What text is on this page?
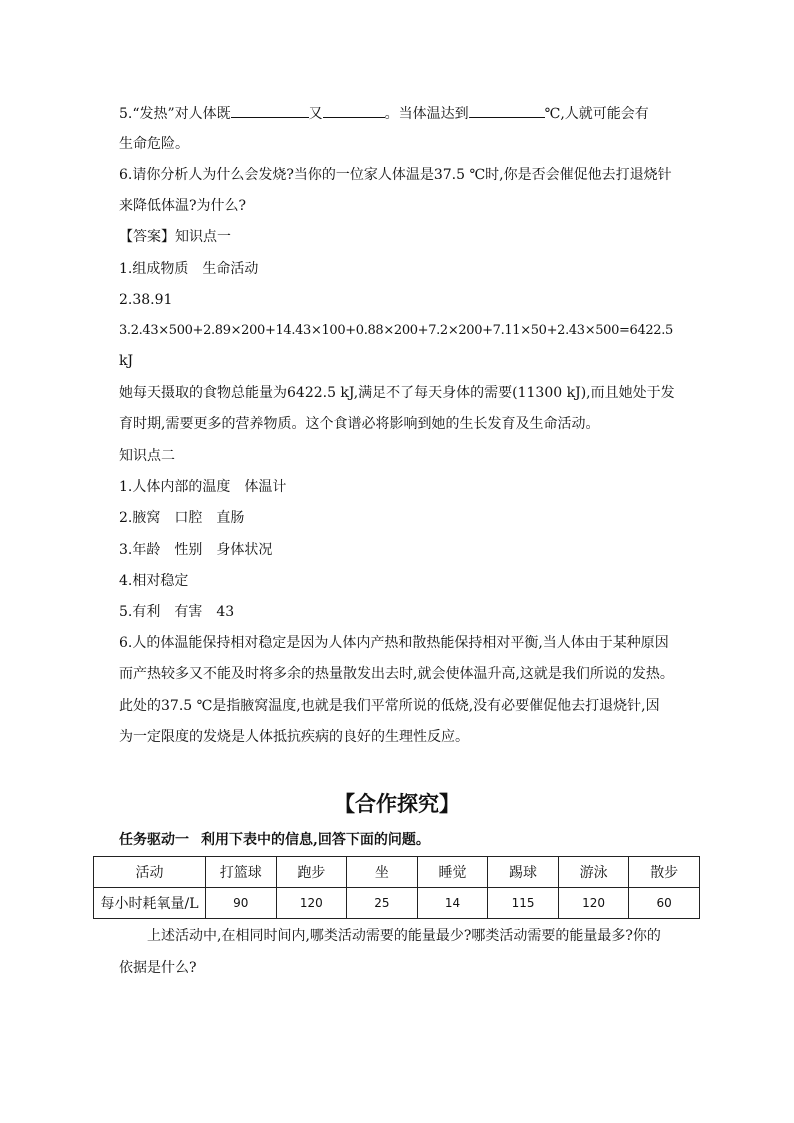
5.“发热”对人体既	又	。当体温达到	℃,人就可能会有
生命危险。
6.请你分析人为什么会发烧?当你的一位家人体温是37.5 ℃时,你是否会催促他去打退烧针
来降低体温?为什么?
【答案】知识点一
1.组成物质　生命活动
2.38.91
3.2.43×500+2.89×200+14.43×100+0.88×200+7.2×200+7.11×50+2.43×500=6422.5
kJ
她每天摄取的食物总能量为6422.5 kJ,满足不了每天身体的需要(11300 kJ),而且她处于发
育时期,需要更多的营养物质。这个食谱必将影响到她的生长发育及生命活动。
知识点二
1.人体内部的温度　体温计
2.腋窝　口腔　直肠
3.年龄　性别　身体状况
4.相对稳定
5.有利　有害　43
6.人的体温能保持相对稳定是因为人体内产热和散热能保持相对平衡,当人体由于某种原因
而产热较多又不能及时将多余的热量散发出去时,就会使体温升高,这就是我们所说的发热。
此处的37.5 ℃是指腋窝温度,也就是我们平常所说的低烧,没有必要催促他去打退烧针,因
为一定限度的发烧是人体抵抗疾病的良好的生理性反应。
【合作探究】
任务驱动一 利用下表中的信息,回答下面的问题。
活动	打篮球	跑步	坐	睡觉	踢球	游泳	散步
每小时耗氧量/L	90	120	25	14	115	120	60
上述活动中,在相同时间内,哪类活动需要的能量最少?哪类活动需要的能量最多?你的
依据是什么?
